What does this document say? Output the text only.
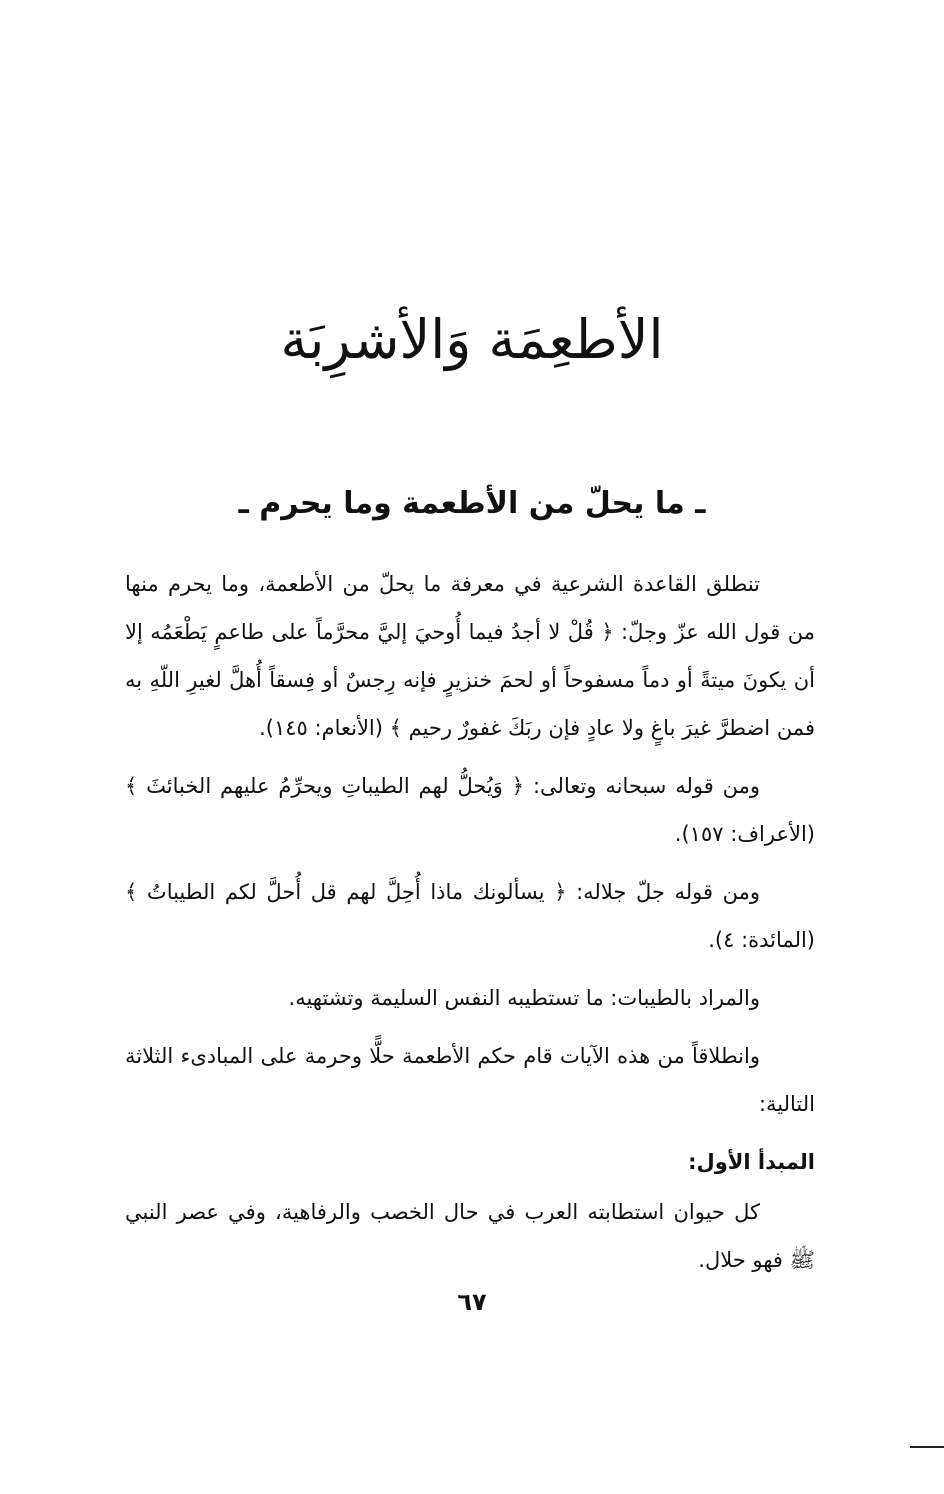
الأطعِمَة وَالأشرِبَة
ـ ما يحلّ من الأطعمة وما يحرم ـ

تنطلق القاعدة الشرعية في معرفة ما يحلّ من الأطعمة، وما يحرم منها من قول الله عزّ وجلّ: ﴿ قُلْ لا أجدُ فيما أُوحيَ إليَّ محرَّماً على طاعمٍ يَطْعَمُه إلا أن يكونَ ميتةً أو دماً مسفوحاً أو لحمَ خنزيرٍ فإنه رِجسٌ أو فِسقاً أُهلَّ لغيرِ اللّهِ به فمن اضطرَّ غيرَ باغٍ ولا عادٍ فإن ربَكَ غفورٌ رحيم ﴾ (الأنعام: ١٤٥).

ومن قوله سبحانه وتعالى: ﴿ وَيُحلُّ لهم الطيباتِ ويحرِّمُ عليهم الخبائثَ ﴾ (الأعراف: ١٥٧).

ومن قوله جلّ جلاله: ﴿ يسألونك ماذا أُحِلَّ لهم قل أُحلَّ لكم الطيباتُ ﴾ (المائدة: ٤).

والمراد بالطيبات: ما تستطيبه النفس السليمة وتشتهيه.

وانطلاقاً من هذه الآيات قام حكم الأطعمة حلًّا وحرمة على المبادىء الثلاثة التالية:

المبدأ الأول:

كل حيوان استطابته العرب في حال الخصب والرفاهية، وفي عصر النبي ﷺ فهو حلال.

٦٧
